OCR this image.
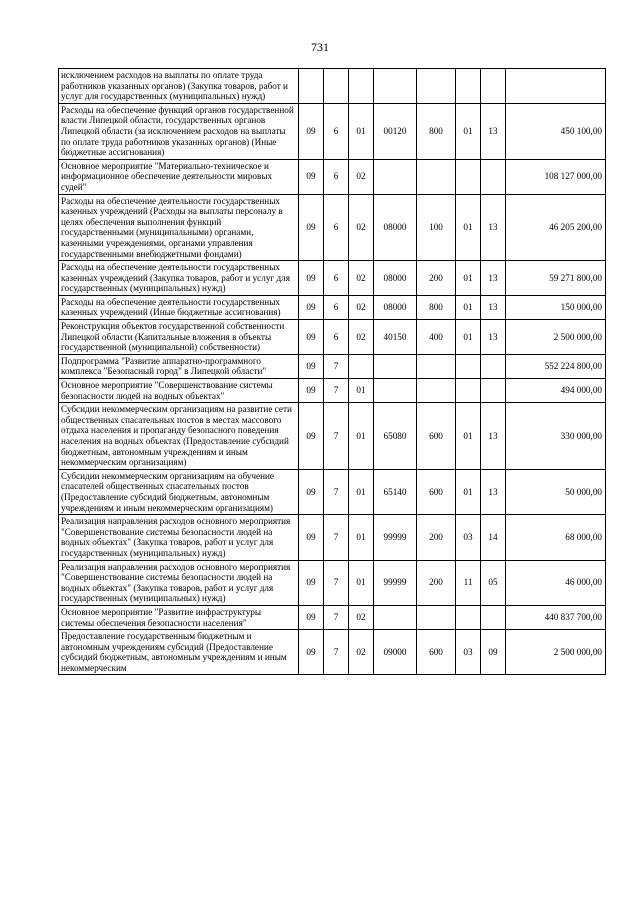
731
исключением расходов на выплаты по оплате труда работников указанных органов) (Закупка товаров, работ и услуг для государственных (муниципальных) нужд)								
Расходы на обеспечение функций органов государственной власти Липецкой области, государственных органов Липецкой области (за исключением расходов на выплаты по оплате труда работников указанных органов) (Иные бюджетные ассигнования)	09	6	01	00120	800	01	13	450 100,00
Основное мероприятие "Материально-техническое и информационное обеспечение деятельности мировых судей"	09	6	02					108 127 000,00
Расходы на обеспечение деятельности государственных казенных учреждений (Расходы на выплаты персоналу в целях обеспечения выполнения функций государственными (муниципальными) органами, казенными учреждениями, органами управления государственными внебюджетными фондами)	09	6	02	08000	100	01	13	46 205 200,00
Расходы на обеспечение деятельности государственных казенных учреждений (Закупка товаров, работ и услуг для государственных (муниципальных) нужд)	09	6	02	08000	200	01	13	59 271 800,00
Расходы на обеспечение деятельности государственных казенных учреждений (Иные бюджетные ассигнования)	09	6	02	08000	800	01	13	150 000,00
Реконструкция объектов государственной собственности Липецкой области (Капитальные вложения в объекты государственной (муниципальной) собственности)	09	6	02	40150	400	01	13	2 500 000,00
Подпрограмма "Развитие аппаратно-программного комплекса "Безопасный город" в Липецкой области"	09	7						552 224 800,00
Основное мероприятие "Совершенствование системы безопасности людей на водных объектах"	09	7	01					494 000,00
Субсидии некоммерческим организациям на развитие сети общественных спасательных постов в местах массового отдыха населения и пропаганду безопасного поведения населения на водных объектах (Предоставление субсидий бюджетным, автономным учреждениям и иным некоммерческим организациям)	09	7	01	65080	600	01	13	330 000,00
Субсидии некоммерческим организациям на обучение спасателей общественных спасательных постов (Предоставление субсидий бюджетным, автономным учреждениям и иным некоммерческим организациям)	09	7	01	65140	600	01	13	50 000,00
Реализация направления расходов основного мероприятия "Совершенствование системы безопасности людей на водных объектах" (Закупка товаров, работ и услуг для государственных (муниципальных) нужд)	09	7	01	99999	200	03	14	68 000,00
Реализация направления расходов основного мероприятия "Совершенствование системы безопасности людей на водных объектах" (Закупка товаров, работ и услуг для государственных (муниципальных) нужд)	09	7	01	99999	200	11	05	46 000,00
Основное мероприятие "Развитие инфраструктуры системы обеспечения безопасности населения"	09	7	02					440 837 700,00
Предоставление государственным бюджетным и автономным учреждениям субсидий (Предоставление субсидий бюджетным, автономным учреждениям и иным некоммерческим	09	7	02	09000	600	03	09	2 500 000,00
